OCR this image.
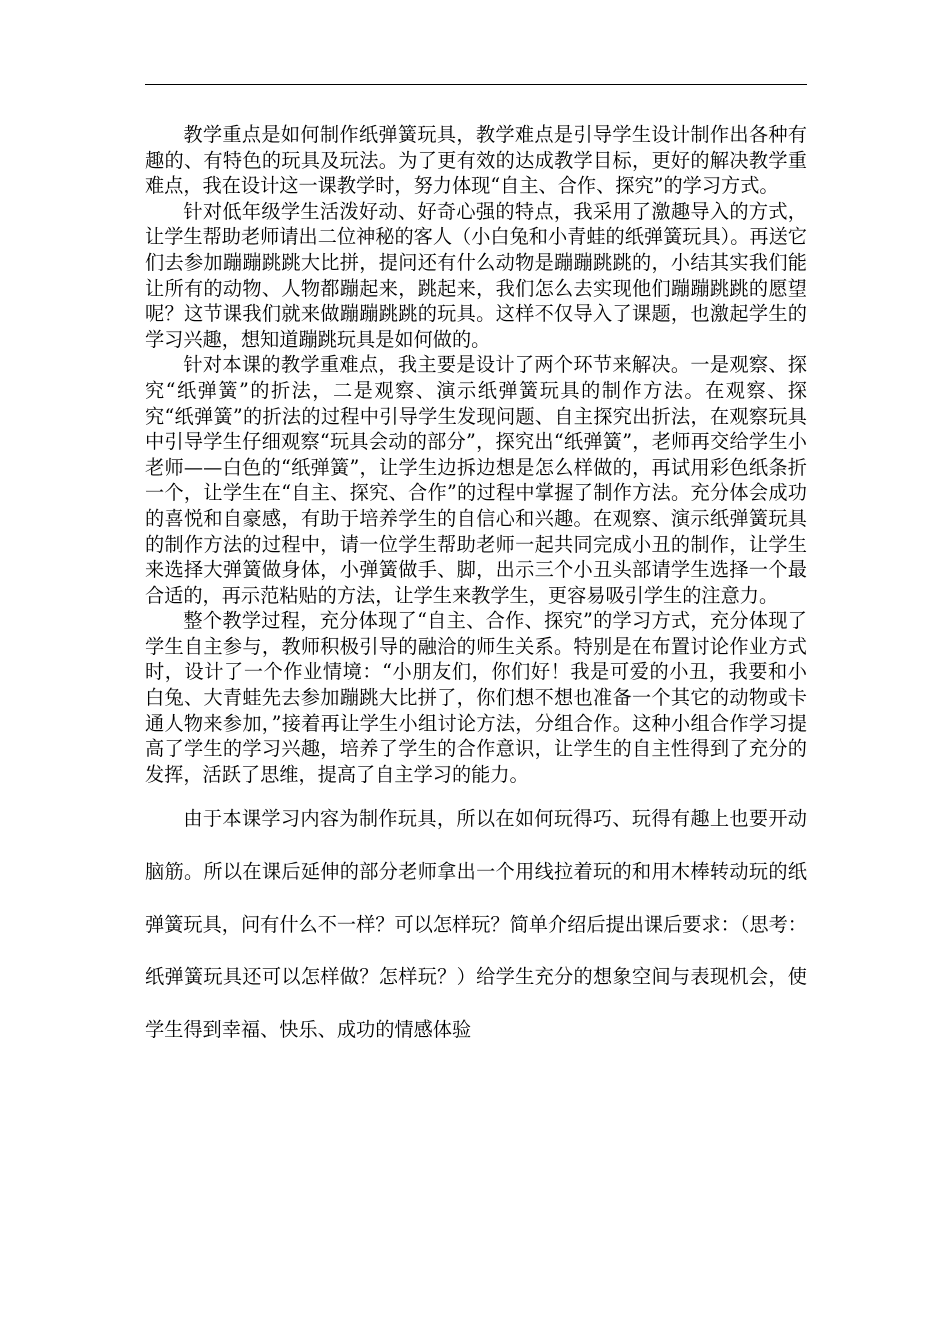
教学重点是如何制作纸弹簧玩具，教学难点是引导学生设计制作出各种有趣的、有特色的玩具及玩法。为了更有效的达成教学目标，更好的解决教学重难点，我在设计这一课教学时，努力体现“自主、合作、探究”的学习方式。

针对低年级学生活泼好动、好奇心强的特点，我采用了激趣导入的方式，让学生帮助老师请出二位神秘的客人（小白兔和小青蛙的纸弹簧玩具）。再送它们去参加蹦蹦跳跳大比拼，提问还有什么动物是蹦蹦跳跳的，小结其实我们能让所有的动物、人物都蹦起来，跳起来，我们怎么去实现他们蹦蹦跳跳的愿望呢？这节课我们就来做蹦蹦跳跳的玩具。这样不仅导入了课题，也激起学生的学习兴趣，想知道蹦跳玩具是如何做的。

针对本课的教学重难点，我主要是设计了两个环节来解决。一是观察、探究“纸弹簧”的折法，二是观察、演示纸弹簧玩具的制作方法。在观察、探究“纸弹簧”的折法的过程中引导学生发现问题、自主探究出折法，在观察玩具中引导学生仔细观察“玩具会动的部分”，探究出“纸弹簧”，老师再交给学生小老师——白色的“纸弹簧”，让学生边拆边想是怎么样做的，再试用彩色纸条折一个，让学生在“自主、探究、合作”的过程中掌握了制作方法。充分体会成功的喜悦和自豪感，有助于培养学生的自信心和兴趣。在观察、演示纸弹簧玩具的制作方法的过程中，请一位学生帮助老师一起共同完成小丑的制作，让学生来选择大弹簧做身体，小弹簧做手、脚，出示三个小丑头部请学生选择一个最合适的，再示范粘贴的方法，让学生来教学生，更容易吸引学生的注意力。

整个教学过程，充分体现了“自主、合作、探究”的学习方式，充分体现了学生自主参与，教师积极引导的融洽的师生关系。特别是在布置讨论作业方式时，设计了一个作业情境：“小朋友们，你们好！我是可爱的小丑，我要和小白兔、大青蛙先去参加蹦跳大比拼了，你们想不想也准备一个其它的动物或卡通人物来参加，”接着再让学生小组讨论方法，分组合作。这种小组合作学习提高了学生的学习兴趣，培养了学生的合作意识，让学生的自主性得到了充分的发挥，活跃了思维，提高了自主学习的能力。

由于本课学习内容为制作玩具，所以在如何玩得巧、玩得有趣上也要开动脑筋。所以在课后延伸的部分老师拿出一个用线拉着玩的和用木棒转动玩的纸弹簧玩具，问有什么不一样？可以怎样玩？简单介绍后提出课后要求：（思考：纸弹簧玩具还可以怎样做？怎样玩？）给学生充分的想象空间与表现机会，使学生得到幸福、快乐、成功的情感体验
